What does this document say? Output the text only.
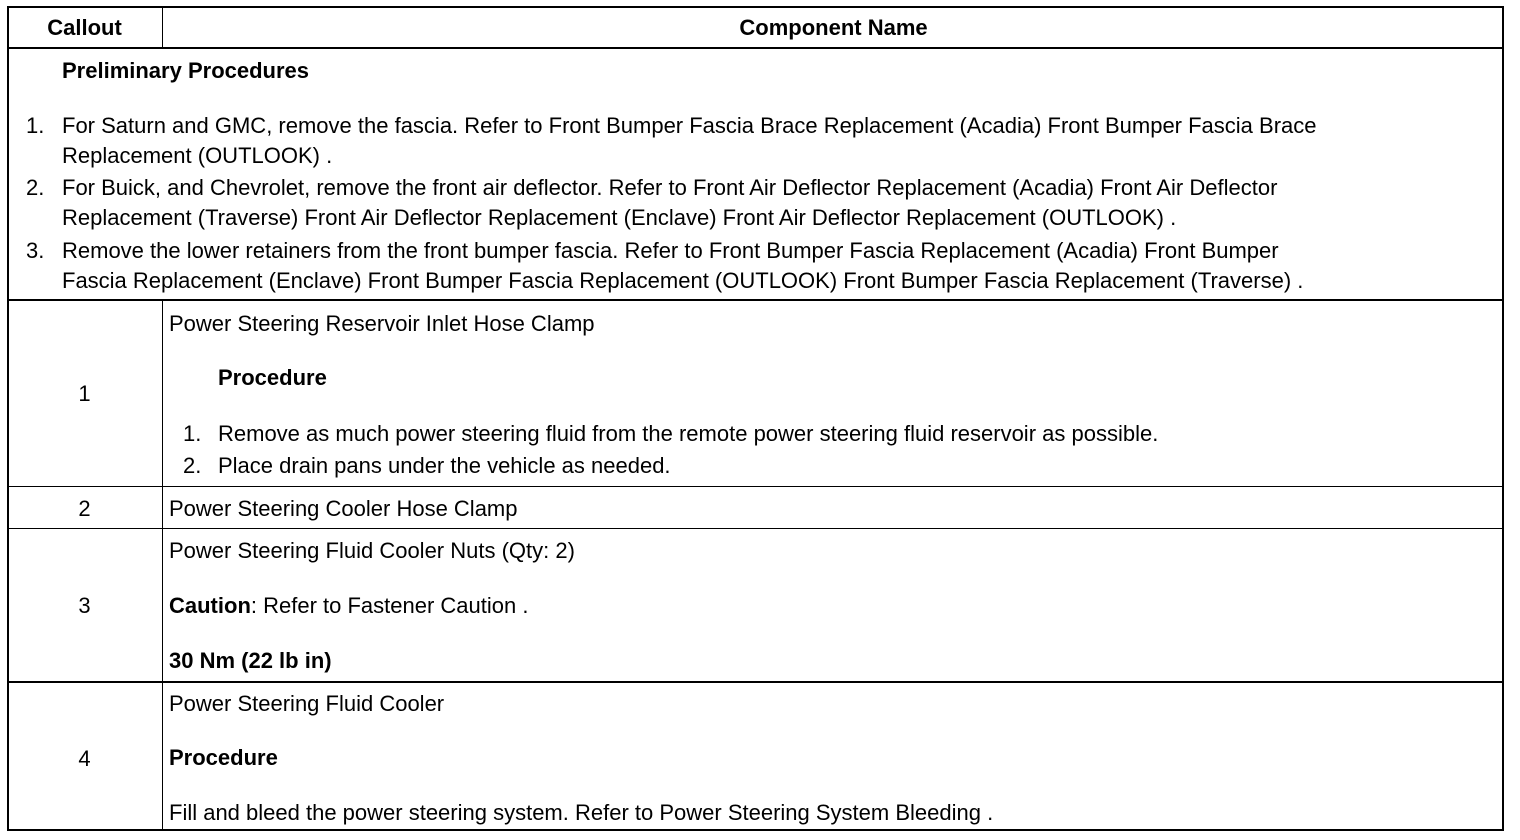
Callout	Component Name
Preliminary Procedures
1. For Saturn and GMC, remove the fascia. Refer to Front Bumper Fascia Brace Replacement (Acadia) Front Bumper Fascia Brace
Replacement (OUTLOOK) .
2. For Buick, and Chevrolet, remove the front air deflector. Refer to Front Air Deflector Replacement (Acadia) Front Air Deflector
Replacement (Traverse) Front Air Deflector Replacement (Enclave) Front Air Deflector Replacement (OUTLOOK) .
3. Remove the lower retainers from the front bumper fascia. Refer to Front Bumper Fascia Replacement (Acadia) Front Bumper
Fascia Replacement (Enclave) Front Bumper Fascia Replacement (OUTLOOK) Front Bumper Fascia Replacement (Traverse) .
1
Power Steering Reservoir Inlet Hose Clamp
Procedure
1. Remove as much power steering fluid from the remote power steering fluid reservoir as possible.
2. Place drain pans under the vehicle as needed.
2	Power Steering Cooler Hose Clamp
3
Power Steering Fluid Cooler Nuts (Qty: 2)
Caution: Refer to Fastener Caution .
30 Nm (22 lb in)
4
Power Steering Fluid Cooler
Procedure
Fill and bleed the power steering system. Refer to Power Steering System Bleeding .
